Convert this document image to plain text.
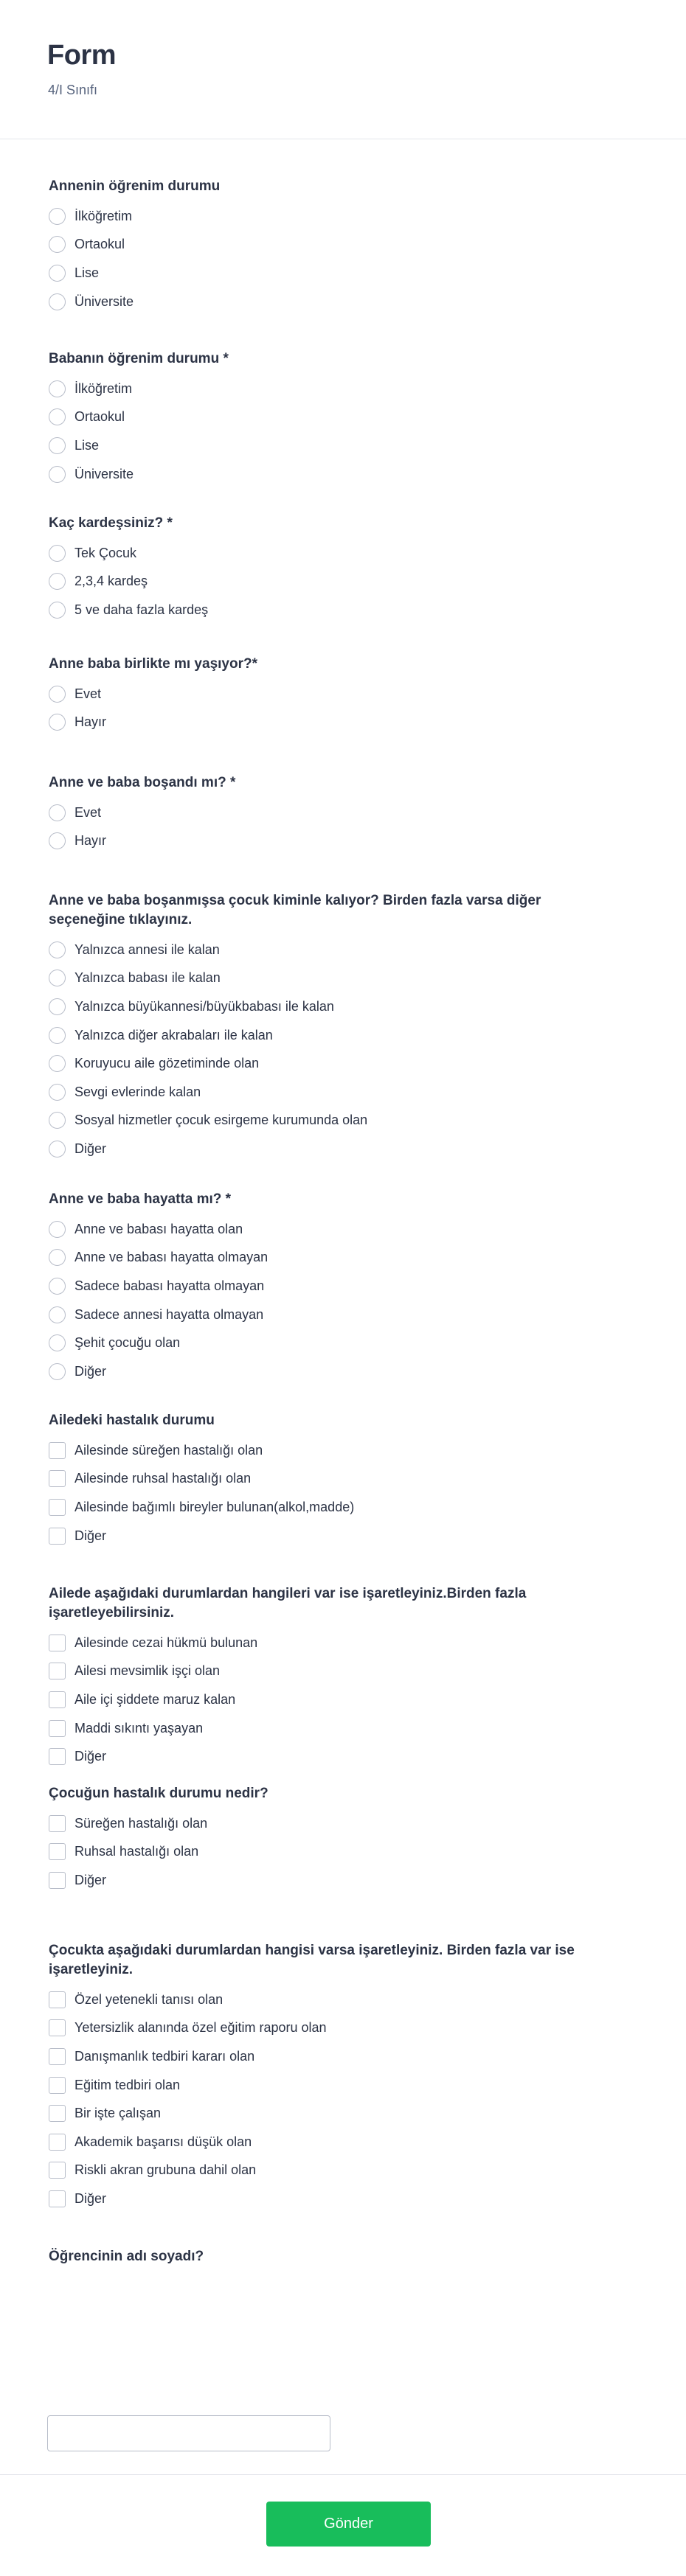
Form
4/I Sınıfı
Annenin öğrenim durumu
İlköğretim
Ortaokul
Lise
Üniversite
Babanın öğrenim durumu *
İlköğretim
Ortaokul
Lise
Üniversite
Kaç kardeşsiniz? *
Tek Çocuk
2,3,4 kardeş
5 ve daha fazla kardeş
Anne baba birlikte mı yaşıyor?*
Evet
Hayır
Anne ve baba boşandı mı? *
Evet
Hayır
Anne ve baba boşanmışsa çocuk kiminle kalıyor? Birden fazla varsa diğer seçeneğine tıklayınız.
Yalnızca annesi ile kalan
Yalnızca babası ile kalan
Yalnızca büyükannesi/büyükbabası ile kalan
Yalnızca diğer akrabaları ile kalan
Koruyucu aile gözetiminde olan
Sevgi evlerinde kalan
Sosyal hizmetler çocuk esirgeme kurumunda olan
Diğer
Anne ve baba hayatta mı? *
Anne ve babası hayatta olan
Anne ve babası hayatta olmayan
Sadece babası hayatta olmayan
Sadece annesi hayatta olmayan
Şehit çocuğu olan
Diğer
Ailedeki hastalık durumu
Ailesinde süreğen hastalığı olan
Ailesinde ruhsal hastalığı olan
Ailesinde bağımlı bireyler bulunan(alkol,madde)
Diğer
Ailede aşağıdaki durumlardan hangileri var ise işaretleyiniz.Birden fazla işaretleyebilirsiniz.
Ailesinde cezai hükmü bulunan
Ailesi mevsimlik işçi olan
Aile içi şiddete maruz kalan
Maddi sıkıntı yaşayan
Diğer
Çocuğun hastalık durumu nedir?
Süreğen hastalığı olan
Ruhsal hastalığı olan
Diğer
Çocukta aşağıdaki durumlardan hangisi varsa işaretleyiniz. Birden fazla var ise işaretleyiniz.
Özel yetenekli tanısı olan
Yetersizlik alanında özel eğitim raporu olan
Danışmanlık tedbiri kararı olan
Eğitim tedbiri olan
Bir işte çalışan
Akademik başarısı düşük olan
Riskli akran grubuna dahil olan
Diğer
Öğrencinin adı soyadı?
Gönder
